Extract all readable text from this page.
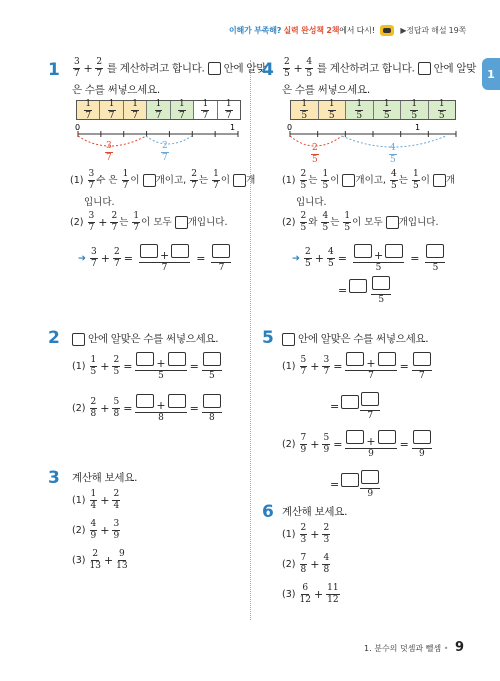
이해가 부족해? 실력 완성책 2책에서 다시!	▶정답과 해설 19쪽
1
$1 \frac{3}{7} + \frac{2}{7}$ 를 계산하려고 합니다. 안에 알맞
은 수를 써넣으세요.
$\frac{1}{7} \frac{1}{7} \frac{1}{7} \frac{1}{7} \frac{1}{7} \frac{1}{7} \frac{1}{7}$
0	1
$\frac{3}{7}$	$\frac{2}{7}$
$(1) \frac{3}{7}$ 수 은 $\frac{1}{7}$ 이 개이고, $\frac{2}{7}$ 는 $\frac{1}{7}$ 이 개
입니다.
$(2) \frac{3}{7} + \frac{2}{7}$ 는 $\frac{1}{7}$ 이 모두 개입니다.
➔ $\frac{3}{7} + \frac{2}{7} = \frac{+}{7}$ =
7
$4 \frac{2}{5} + \frac{4}{5}$ 를 계산하려고 합니다. 안에 알맞
은 수를 써넣으세요.
$\frac{1}{5} \frac{1}{5} \frac{1}{5} \frac{1}{5} \frac{1}{5} \frac{1}{5}$
0	1
$\frac{2}{5}$	$\frac{4}{5}$
$(1) \frac{2}{5}$ 는 $\frac{1}{5}$ 이 개이고, $\frac{4}{5}$ 는 $\frac{1}{5}$ 이 개
입니다.
$(2) \frac{2}{5}$ 와 $\frac{4}{5}$ 는 $\frac{1}{5}$ 이 모두 개입니다.
➔ $\frac{2}{5} + \frac{4}{5} = \frac{+}{5}$ =
5
=
5
2	안에 알맞은 수를 써넣으세요.
$(1) \frac{1}{5} + \frac{2}{5} = \frac{+}{5}$ =
5
$(2) \frac{2}{8} + \frac{5}{8} = \frac{+}{8}$ =
8
5	안에 알맞은 수를 써넣으세요.
$(1) \frac{5}{7} + \frac{3}{7} = \frac{+}{7}$ =
7
=
7
$(2) \frac{7}{9} + \frac{5}{9} = \frac{+}{9}$ =
9
=
9
3 계산해 보세요.
$(1) \frac{1}{4} + \frac{2}{4}$
$(2) \frac{4}{9} + \frac{3}{9}$
$(3) \frac{2}{13} + \frac{9}{13}$
6 계산해 보세요.
$(1) \frac{2}{3} + \frac{2}{3}$
$(2) \frac{7}{8} + \frac{4}{8}$
$(3) \frac{6}{12} + \frac{11}{12}$
1. 분수의 덧셈과 뺄셈 • 9
